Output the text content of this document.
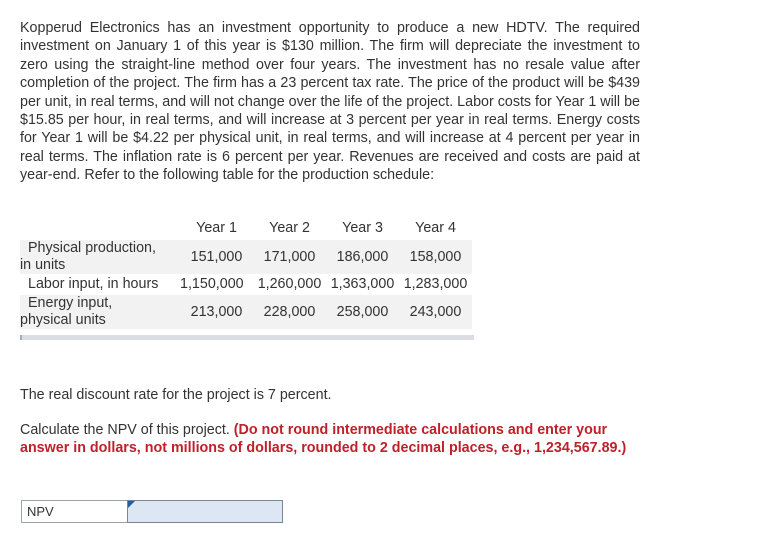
Kopperud Electronics has an investment opportunity to produce a new HDTV. The required investment on January 1 of this year is $130 million. The firm will depreciate the investment to zero using the straight-line method over four years. The investment has no resale value after completion of the project. The firm has a 23 percent tax rate. The price of the product will be $439 per unit, in real terms, and will not change over the life of the project. Labor costs for Year 1 will be $15.85 per hour, in real terms, and will increase at 3 percent per year in real terms. Energy costs for Year 1 will be $4.22 per physical unit, in real terms, and will increase at 4 percent per year in real terms. The inflation rate is 6 percent per year. Revenues are received and costs are paid at year-end. Refer to the following table for the production schedule:

	Year 1	Year 2	Year 3	Year 4

Physical production,
in units	151,000	171,000	186,000	158,000
Labor input, in hours	1,150,000	1,260,000	1,363,000	1,283,000

Energy input,
physical units	213,000	228,000	258,000	243,000

The real discount rate for the project is 7 percent.

Calculate the NPV of this project. (Do not round intermediate calculations and enter your answer in dollars, not millions of dollars, rounded to 2 decimal places, e.g., 1,234,567.89.)

NPV
